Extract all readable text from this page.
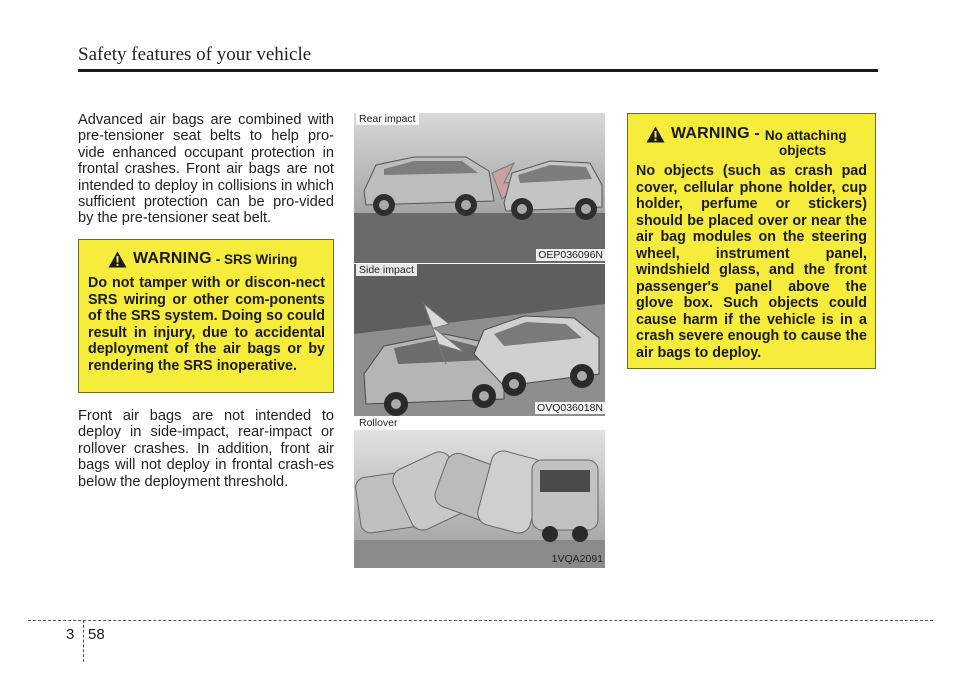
Safety features of your vehicle

Advanced air bags are combined with pre-tensioner seat belts to help pro-vide enhanced occupant protection in frontal crashes. Front air bags are not intended to deploy in collisions in which sufficient protection can be pro-vided by the pre-tensioner seat belt.

WARNING - SRS Wiring

Do not tamper with or discon-nect SRS wiring or other com-ponents of the SRS system. Doing so could result in injury, due to accidental deployment of the air bags or by rendering the SRS inoperative.

Front air bags are not intended to deploy in side-impact, rear-impact or rollover crashes. In addition, front air bags will not deploy in frontal crash-es below the deployment threshold.

Rear impact
OEP036096N
Side impact
OVQ036018N
Rollover
1VQA2091
WARNING - No attaching
objects

No objects (such as crash pad cover, cellular phone holder, cup holder, perfume or stickers) should be placed over or near the air bag modules on the steering wheel, instrument panel, windshield glass, and the front passenger's panel above the glove box. Such objects could cause harm if the vehicle is in a crash severe enough to cause the air bags to deploy.

3 58
